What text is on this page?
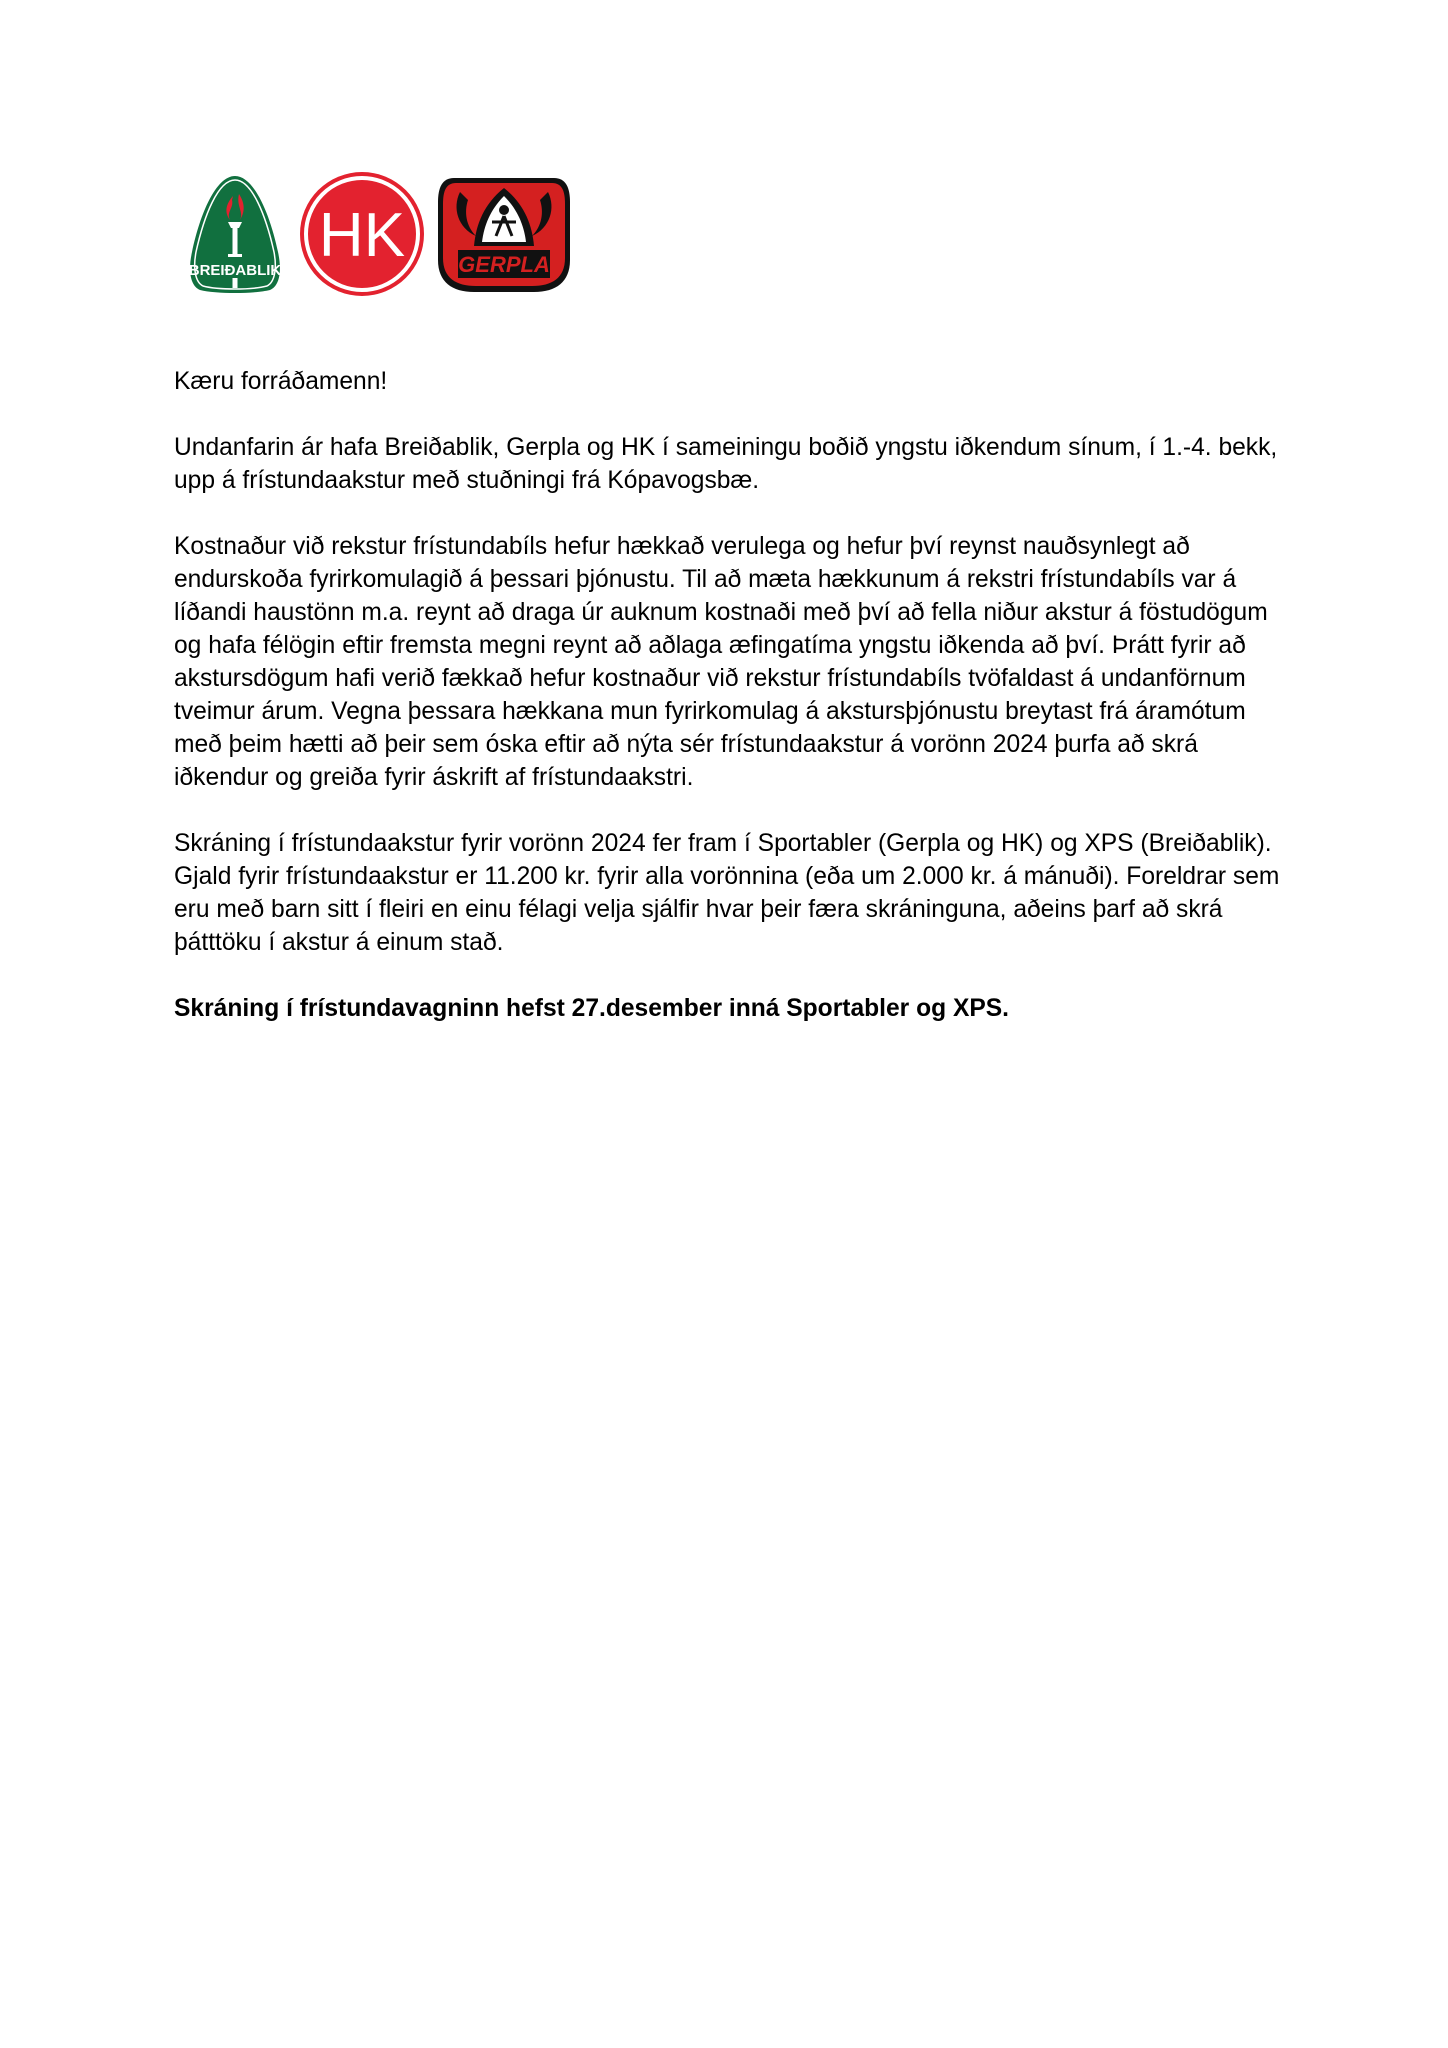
BREIÐABLIK
HK GERPLA

Kæru forráðamenn!

Undanfarin ár hafa Breiðablik, Gerpla og HK í sameiningu boðið yngstu iðkendum sínum, í 1.-4. bekk, upp á frístundaakstur með stuðningi frá Kópavogsbæ.

Kostnaður við rekstur frístundabíls hefur hækkað verulega og hefur því reynst nauðsynlegt að endurskoða fyrirkomulagið á þessari þjónustu. Til að mæta hækkunum á rekstri frístundabíls var á líðandi haustönn m.a. reynt að draga úr auknum kostnaði með því að fella niður akstur á föstudögum og hafa félögin eftir fremsta megni reynt að aðlaga æfingatíma yngstu iðkenda að því. Þrátt fyrir að akstursdögum hafi verið fækkað hefur kostnaður við rekstur frístundabíls tvöfaldast á undanförnum tveimur árum. Vegna þessara hækkana mun fyrirkomulag á akstursþjónustu breytast frá áramótum með þeim hætti að þeir sem óska eftir að nýta sér frístundaakstur á vorönn 2024 þurfa að skrá iðkendur og greiða fyrir áskrift af frístundaakstri.

Skráning í frístundaakstur fyrir vorönn 2024 fer fram í Sportabler (Gerpla og HK) og XPS (Breiðablik). Gjald fyrir frístundaakstur er 11.200 kr. fyrir alla vorönnina (eða um 2.000 kr. á mánuði). Foreldrar sem eru með barn sitt í fleiri en einu félagi velja sjálfir hvar þeir færa skráninguna, aðeins þarf að skrá þátttöku í akstur á einum stað.

Skráning í frístundavagninn hefst 27.desember inná Sportabler og XPS.
